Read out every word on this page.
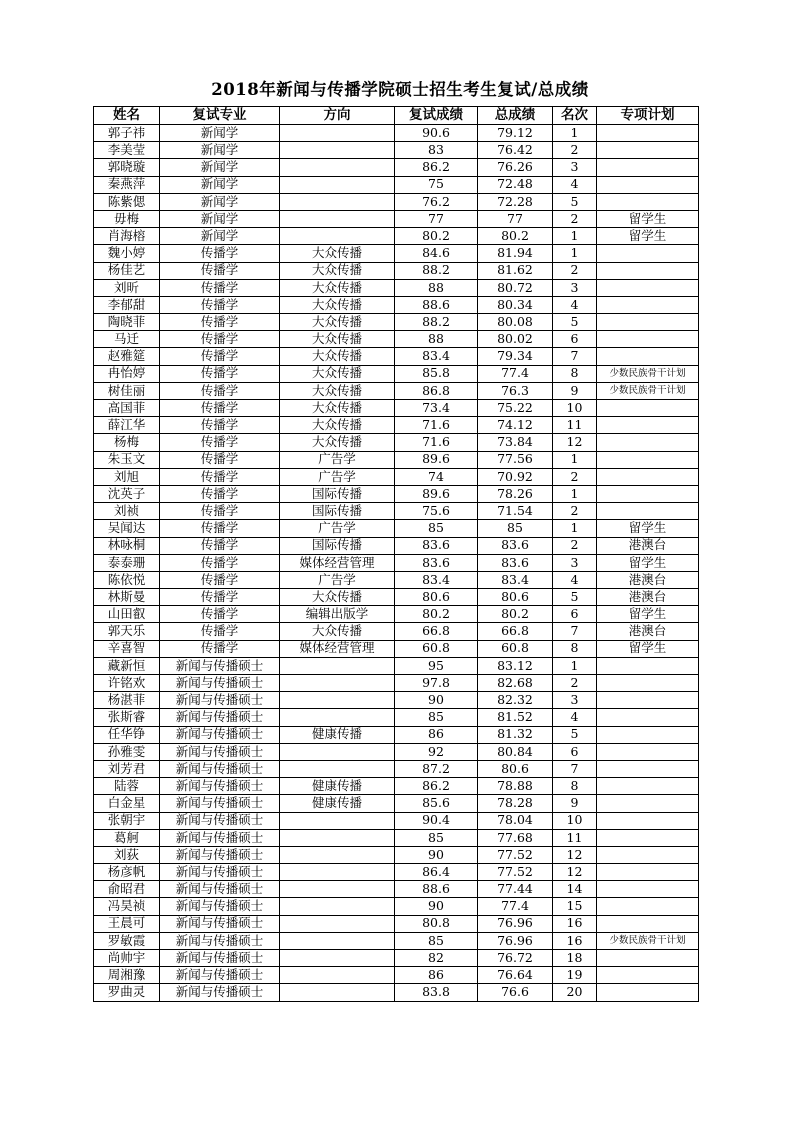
2018年新闻与传播学院硕士招生考生复试/总成绩
姓名	复试专业	方向	复试成绩	总成绩	名次	专项计划
郭子祎	新闻学		90.6	79.12	1	
李美莹	新闻学		83	76.42	2	
郭晓璇	新闻学		86.2	76.26	3	
秦燕萍	新闻学		75	72.48	4	
陈紫偲	新闻学		76.2	72.28	5	
毋梅	新闻学		77	77	2	留学生
肖海榕	新闻学		80.2	80.2	1	留学生
魏小婷	传播学	大众传播	84.6	81.94	1	
杨佳艺	传播学	大众传播	88.2	81.62	2	
刘昕	传播学	大众传播	88	80.72	3	
李郁甜	传播学	大众传播	88.6	80.34	4	
陶晓菲	传播学	大众传播	88.2	80.08	5	
马迁	传播学	大众传播	88	80.02	6	
赵雅筵	传播学	大众传播	83.4	79.34	7	
冉怡婷	传播学	大众传播	85.8	77.4	8	少数民族骨干计划
树佳丽	传播学	大众传播	86.8	76.3	9	少数民族骨干计划
高国菲	传播学	大众传播	73.4	75.22	10	
薛江华	传播学	大众传播	71.6	74.12	11	
杨梅	传播学	大众传播	71.6	73.84	12	
朱玉文	传播学	广告学	89.6	77.56	1	
刘旭	传播学	广告学	74	70.92	2	
沈英子	传播学	国际传播	89.6	78.26	1	
刘祯	传播学	国际传播	75.6	71.54	2	
吴闻达	传播学	广告学	85	85	1	留学生
林咏桐	传播学	国际传播	83.6	83.6	2	港澳台
泰泰珊	传播学	媒体经营管理	83.6	83.6	3	留学生
陈依悦	传播学	广告学	83.4	83.4	4	港澳台
林斯曼	传播学	大众传播	80.6	80.6	5	港澳台
山田叡	传播学	编辑出版学	80.2	80.2	6	留学生
郭天乐	传播学	大众传播	66.8	66.8	7	港澳台
辛喜智	传播学	媒体经营管理	60.8	60.8	8	留学生
藏新恒	新闻与传播硕士		95	83.12	1	
许铭欢	新闻与传播硕士		97.8	82.68	2	
杨湛菲	新闻与传播硕士		90	82.32	3	
张斯睿	新闻与传播硕士		85	81.52	4	
任华铮	新闻与传播硕士	健康传播	86	81.32	5	
孙雅雯	新闻与传播硕士		92	80.84	6	
刘芳君	新闻与传播硕士		87.2	80.6	7	
陆蓉	新闻与传播硕士	健康传播	86.2	78.88	8	
白金星	新闻与传播硕士	健康传播	85.6	78.28	9	
张朝宇	新闻与传播硕士		90.4	78.04	10	
葛舸	新闻与传播硕士		85	77.68	11	
刘荻	新闻与传播硕士		90	77.52	12	
杨彦帆	新闻与传播硕士		86.4	77.52	12	
俞昭君	新闻与传播硕士		88.6	77.44	14	
冯昊祯	新闻与传播硕士		90	77.4	15	
王晨可	新闻与传播硕士		80.8	76.96	16	
罗敏霞	新闻与传播硕士		85	76.96	16	少数民族骨干计划
尚帅宇	新闻与传播硕士		82	76.72	18	
周湘豫	新闻与传播硕士		86	76.64	19	
罗曲灵	新闻与传播硕士		83.8	76.6	20	
